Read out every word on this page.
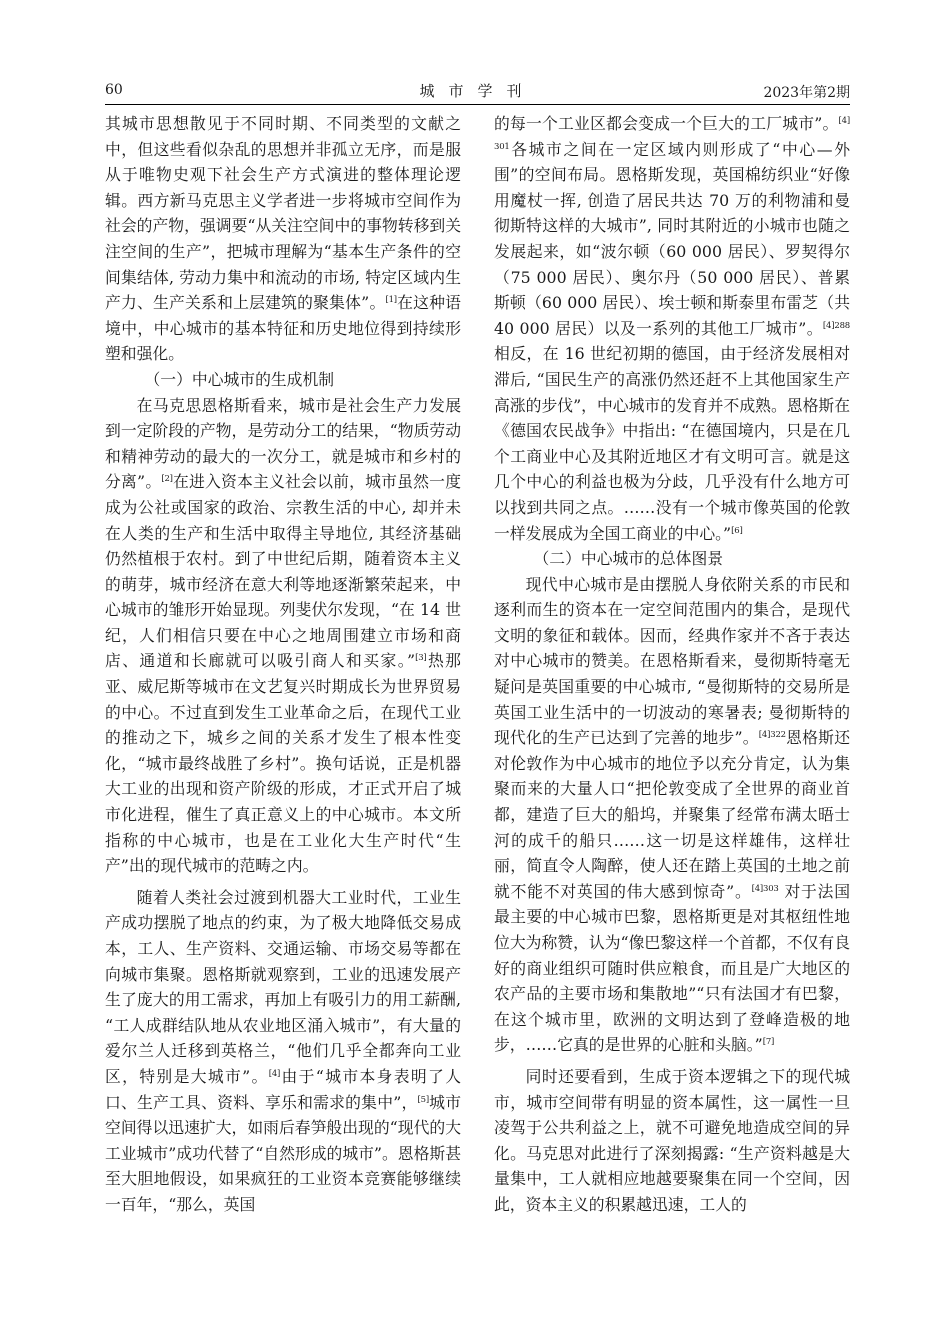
60	城市学刊	2023年第2期

其城市思想散见于不同时期、不同类型的文献之中，但这些看似杂乱的思想并非孤立无序，而是服从于唯物史观下社会生产方式演进的整体理论逻辑。西方新马克思主义学者进一步将城市空间作为社会的产物，强调要“从关注空间中的事物转移到关注空间的生产”，把城市理解为“基本生产条件的空间集结体, 劳动力集中和流动的市场, 特定区域内生产力、生产关系和上层建筑的聚集体”。[1]在这种语境中，中心城市的基本特征和历史地位得到持续形塑和强化。

（一）中心城市的生成机制

在马克思恩格斯看来，城市是社会生产力发展到一定阶段的产物，是劳动分工的结果，“物质劳动和精神劳动的最大的一次分工，就是城市和乡村的分离”。[2]在进入资本主义社会以前，城市虽然一度成为公社或国家的政治、宗教生活的中心, 却并未在人类的生产和生活中取得主导地位, 其经济基础仍然植根于农村。到了中世纪后期，随着资本主义的萌芽，城市经济在意大利等地逐渐繁荣起来，中心城市的雏形开始显现。列斐伏尔发现，“在 14 世纪，人们相信只要在中心之地周围建立市场和商店、通道和长廊就可以吸引商人和买家。”[3]热那亚、威尼斯等城市在文艺复兴时期成长为世界贸易的中心。不过直到发生工业革命之后，在现代工业的推动之下，城乡之间的关系才发生了根本性变化，“城市最终战胜了乡村”。换句话说，正是机器大工业的出现和资产阶级的形成，才正式开启了城市化进程，催生了真正意义上的中心城市。本文所指称的中心城市，也是在工业化大生产时代“生产”出的现代城市的范畴之内。

随着人类社会过渡到机器大工业时代，工业生产成功摆脱了地点的约束，为了极大地降低交易成本，工人、生产资料、交通运输、市场交易等都在向城市集聚。恩格斯就观察到，工业的迅速发展产生了庞大的用工需求，再加上有吸引力的用工薪酬, “工人成群结队地从农业地区涌入城市”，有大量的爱尔兰人迁移到英格兰，“他们几乎全都奔向工业区，特别是大城市”。[4]由于“城市本身表明了人口、生产工具、资料、享乐和需求的集中”，[5]城市空间得以迅速扩大，如雨后春笋般出现的“现代的大工业城市”成功代替了“自然形成的城市”。恩格斯甚至大胆地假设，如果疯狂的工业资本竞赛能够继续一百年，“那么，英国

的每一个工业区都会变成一个巨大的工厂城市”。$^{[4]301}$各城市之间在一定区域内则形成了“中心—外围”的空间布局。恩格斯发现，英国棉纺织业“好像用魔杖一挥, 创造了居民共达 70 万的利物浦和曼彻斯特这样的大城市”, 同时其附近的小城市也随之发展起来，如“波尔顿（60 000 居民）、罗契得尔（75 000 居民）、奥尔丹（50 000 居民）、普累斯顿（60 000 居民）、埃士顿和斯泰里布雷芝（共 40 000 居民）以及一系列的其他工厂城市”。$^{[4]288}$相反，在 16 世纪初期的德国，由于经济发展相对滞后, “国民生产的高涨仍然还赶不上其他国家生产高涨的步伐”，中心城市的发育并不成熟。恩格斯在《德国农民战争》中指出: “在德国境内，只是在几个工商业中心及其附近地区才有文明可言。就是这几个中心的利益也极为分歧，几乎没有什么地方可以找到共同之点。……没有一个城市像英国的伦敦一样发展成为全国工商业的中心。”[6]

（二）中心城市的总体图景

现代中心城市是由摆脱人身依附关系的市民和逐利而生的资本在一定空间范围内的集合，是现代文明的象征和载体。因而，经典作家并不吝于表达对中心城市的赞美。在恩格斯看来，曼彻斯特毫无疑问是英国重要的中心城市, “曼彻斯特的交易所是英国工业生活中的一切波动的寒暑表; 曼彻斯特的现代化的生产已达到了完善的地步”。$^{[4]322}$恩格斯还对伦敦作为中心城市的地位予以充分肯定，认为集聚而来的大量人口“把伦敦变成了全世界的商业首都，建造了巨大的船坞，并聚集了经常布满太晤士河的成千的船只……这一切是这样雄伟，这样壮丽，简直令人陶醉，使人还在踏上英国的土地之前就不能不对英国的伟大感到惊奇”。$^{[4]303}$ 对于法国最主要的中心城市巴黎，恩格斯更是对其枢纽性地位大为称赞，认为“像巴黎这样一个首都，不仅有良好的商业组织可随时供应粮食，而且是广大地区的农产品的主要市场和集散地”“只有法国才有巴黎，在这个城市里，欧洲的文明达到了登峰造极的地步，……它真的是世界的心脏和头脑。”[7]

同时还要看到，生成于资本逻辑之下的现代城市，城市空间带有明显的资本属性，这一属性一旦凌驾于公共利益之上，就不可避免地造成空间的异化。马克思对此进行了深刻揭露: “生产资料越是大量集中，工人就相应地越要聚集在同一个空间，因此，资本主义的积累越迅速，工人的
